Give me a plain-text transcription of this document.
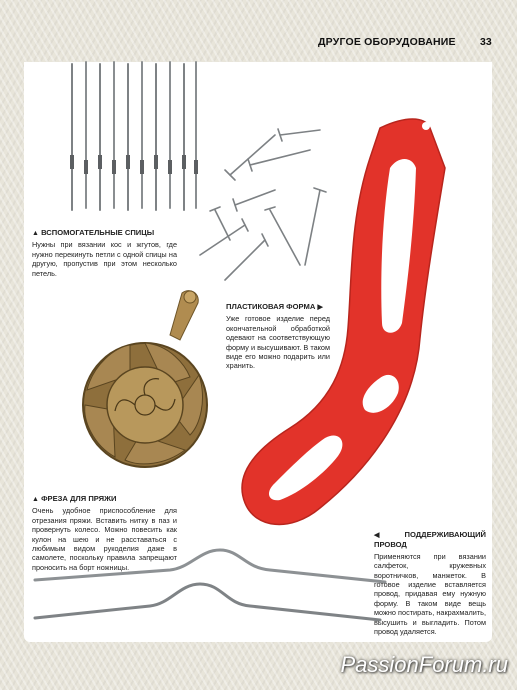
ДРУГОЕ ОБОРУДОВАНИЕ 33
▲ ВСПОМОГАТЕЛЬНЫЕ СПИЦЫ
Нужны при вязании кос и жгутов, где нужно перекинуть петли с одной спицы на другую, пропустив при этом несколько петель.
ПЛАСТИКОВАЯ ФОРМА ▶
Уже готовое изделие перед окончательной обработкой одевают на соответствующую форму и высушивают. В таком виде его можно подарить или хранить.
▲ ФРЕЗА ДЛЯ ПРЯЖИ
Очень удобное приспособление для отрезания пряжи. Вставить нитку в паз и провернуть колесо. Можно повесить как кулон на шею и не расставаться с любимым видом рукоделия даже в самолете, поскольку правила запрещают проносить на борт ножницы.
◀ ПОДДЕРЖИВАЮЩИЙ ПРОВОД
Применяются при вязании салфеток, кружевных воротничков, манжеток. В готовое изделие вставляется провод, придавая ему нужную форму. В таком виде вещь можно постирать, накрахмалить, высушить и выгладить. Потом провод удаляется.
PassionForum.ru
